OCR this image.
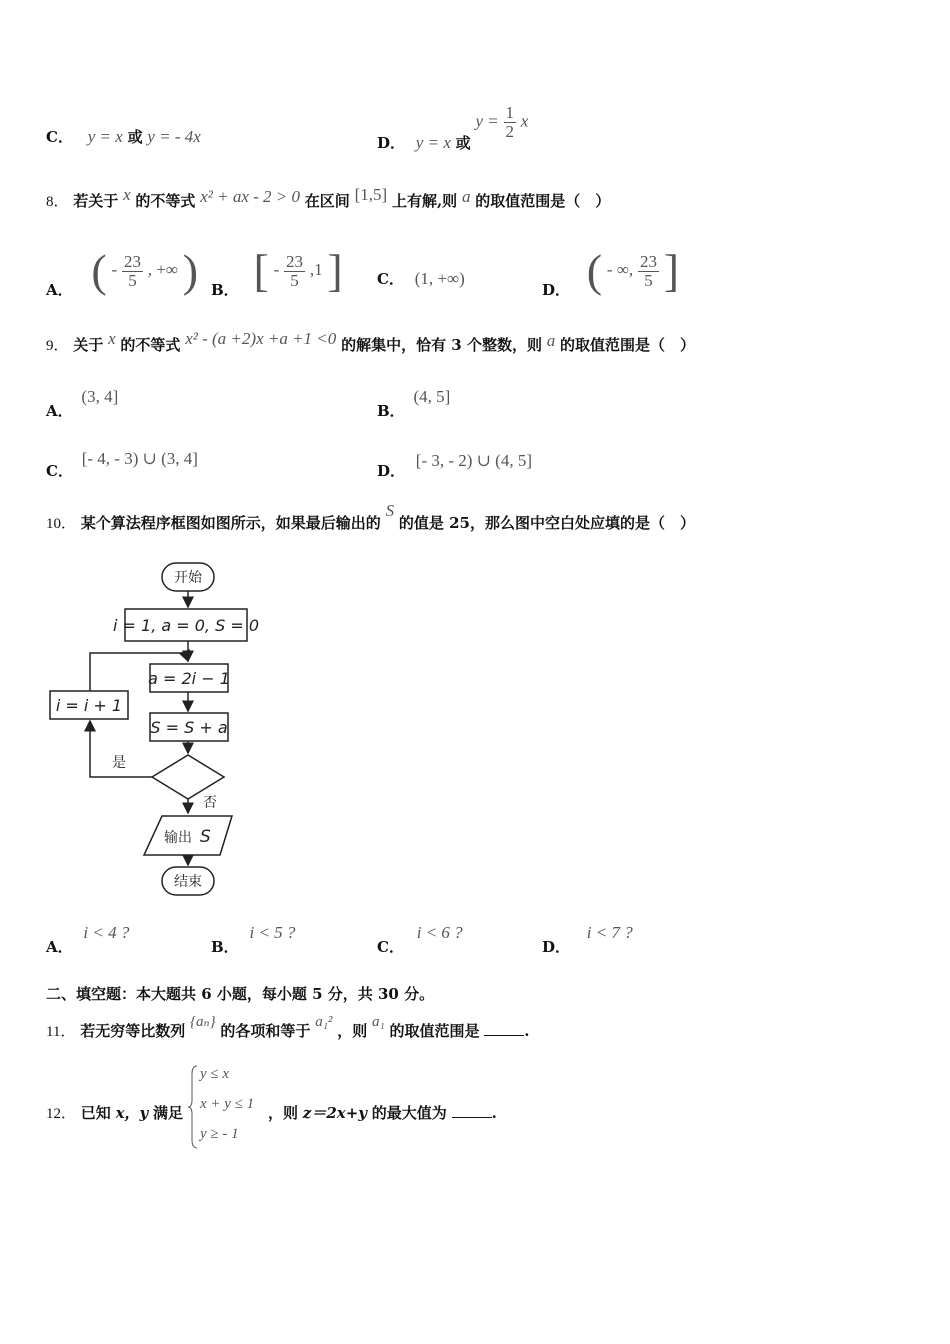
C． y = x 或 y = - 4x	D． y = x 或 $y = \frac{1}{2}$ x
8． 若关于 x 的不等式 x² + ax - 2 > 0 在区间 [1,5] 上有解,则 a 的取值范围是（　）
A． ( - $\frac{23}{5}$ , +∞ ) B． [ - $\frac{23}{5} ,1$ ] C． (1, +∞)
D． ( - ∞, $\frac{23}{5}$ ]
9． 关于 x 的不等式 x² - (a +2)x +a +1 <0 的解集中，恰有 3 个整数，则 a 的取值范围是（　）
A． (3, 4]
B． (4, 5]
C． [- 4, - 3) ∪ (3, 4]
D． [- 3, - 2) ∪ (4, 5]
10． 某个算法程序框图如图所示，如果最后输出的 S 的值是 25，那么图中空白处应填的是（　）
开始
i = 1, a = 0, S = 0
a = 2i − 1
S = S + a
i = i + 1
是
否
输出 S
结束
A． i < 4 ?
B． i < 5 ?
C． i < 6 ?
D． i < 7 ?
二、填空题：本大题共 6 小题，每小题 5 分，共 30 分。
11． 若无穷等比数列 {aₙ} 的各项和等于 a₁² ，则 a₁ 的取值范围是	.
12． 已知 x，y 满足
y ≤ x
x + y ≤ 1
y ≥ - 1
，则 z＝2x+y 的最大值为	.
